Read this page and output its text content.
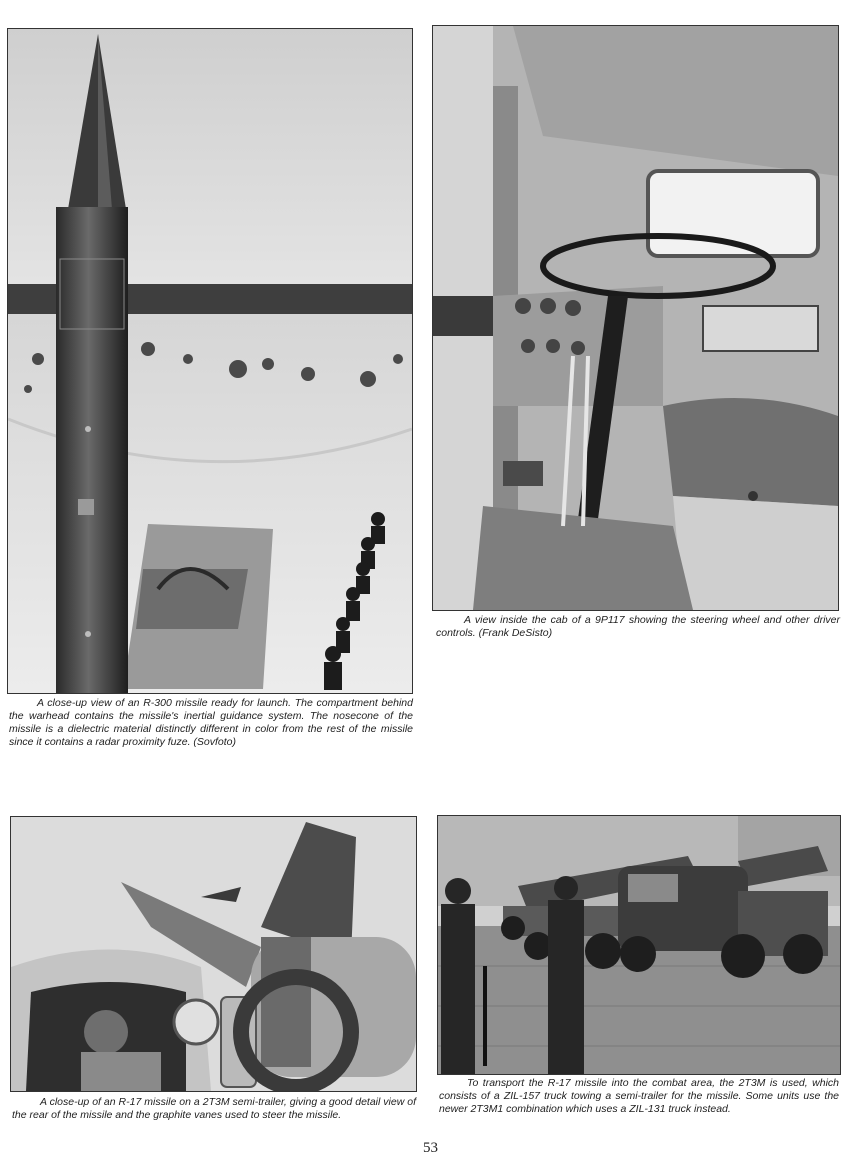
A close-up view of an R-300 missile ready for launch. The compartment behind the warhead contains the missile's inertial guidance system. The nosecone of the missile is a dielectric material distinctly different in color from the rest of the missile since it contains a radar proximity fuze. (Sovfoto)

A view inside the cab of a 9P117 showing the steering wheel and other driver controls. (Frank DeSisto)

A close-up of an R-17 missile on a 2T3M semi-trailer, giving a good detail view of the rear of the missile and the graphite vanes used to steer the missile.

To transport the R-17 missile into the combat area, the 2T3M is used, which consists of a ZIL-157 truck towing a semi-trailer for the missile. Some units use the newer 2T3M1 combination which uses a ZIL-131 truck instead.

53
